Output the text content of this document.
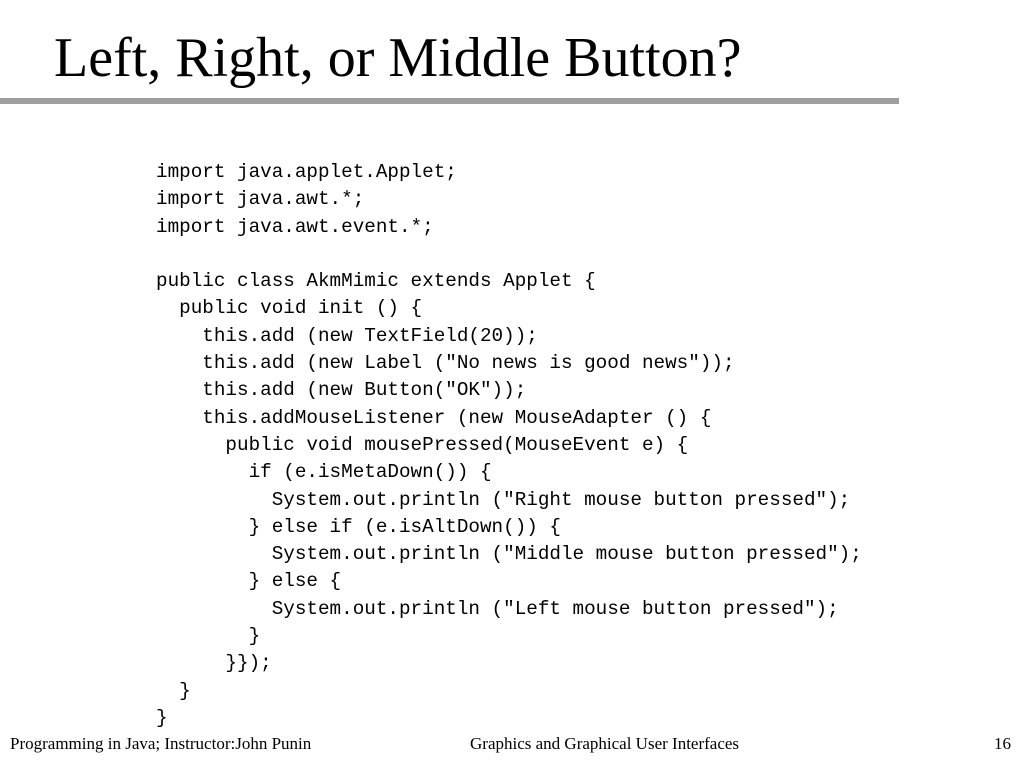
Left, Right, or Middle Button?
import java.applet.Applet;
import java.awt.*;
import java.awt.event.*;
public class AkmMimic extends Applet {
public void init () {
this.add (new TextField(20));
this.add (new Label ("No news is good news"));
this.add (new Button("OK"));
this.addMouseListener (new MouseAdapter () {
public void mousePressed(MouseEvent e) {
if (e.isMetaDown()) {
System.out.println ("Right mouse button pressed");
} else if (e.isAltDown()) {
System.out.println ("Middle mouse button pressed");
} else {
System.out.println ("Left mouse button pressed");
}
}});
}
}
Programming in Java; Instructor:John Punin	Graphics and Graphical User Interfaces	16
